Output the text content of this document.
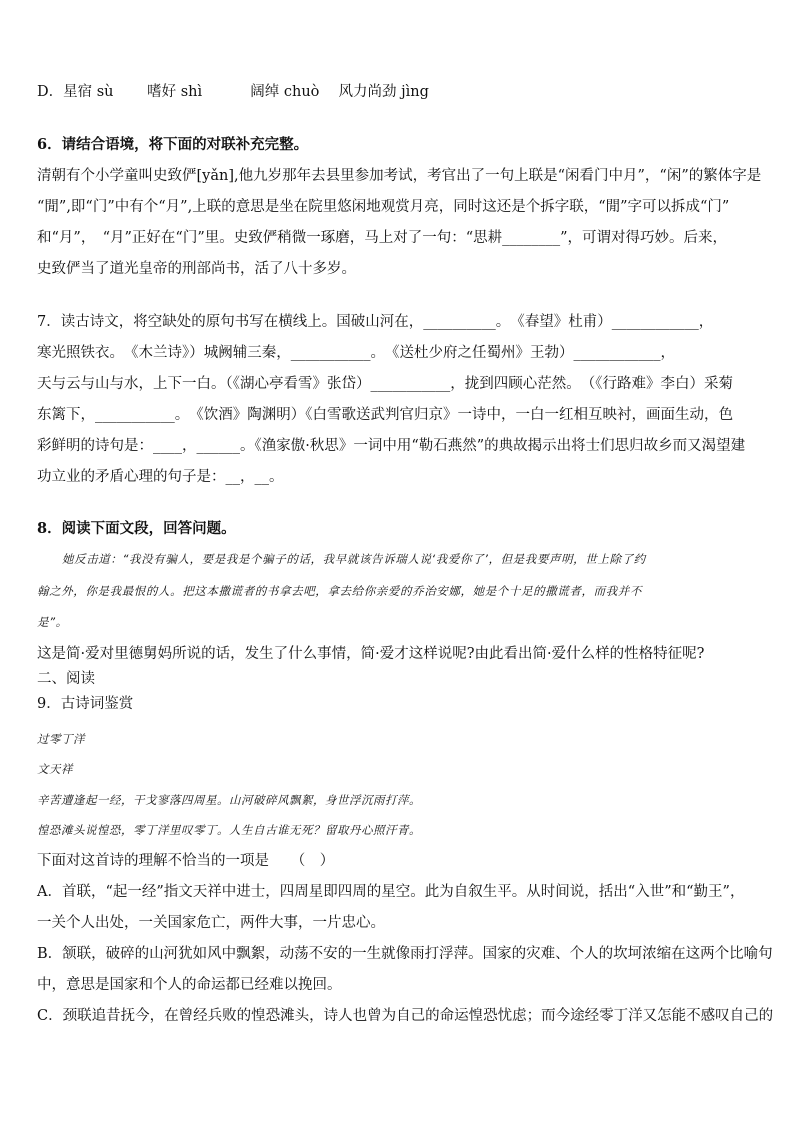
D．星宿 sù　　 嗜好 shì　　　 阔绰 chuò　 风力尚劲 jìng
6．请结合语境，将下面的对联补充完整。
清朝有个小学童叫史致俨[yǎn],他九岁那年去县里参加考试，考官出了一句上联是“闲看门中月”，“闲”的繁体字是
“閒”,即“门”中有个“月”,上联的意思是坐在院里悠闲地观赏月亮，同时这还是个拆字联，“閒”字可以拆成“门”
和“月”，　“月”正好在“门”里。史致俨稍微一琢磨，马上对了一句：“思耕________”，可谓对得巧妙。后来，
史致俨当了道光皇帝的刑部尚书，活了八十多岁。
7．读古诗文，将空缺处的原句书写在横线上。国破山河在，__________。　《春望》杜甫）____________，
寒光照铁衣。　《木兰诗》）城阙辅三秦，___________。　《送杜少府之任蜀州》王勃）____________，
天与云与山与水，上下一白。（《湖心亭看雪》张岱）___________，拢到四顾心茫然。　（《行路难》李白）采菊
东篱下，___________。　《饮酒》陶渊明）《白雪歌送武判官归京》一诗中，一白一红相互映衬，画面生动，色
彩鲜明的诗句是：____，______。《渔家傲·秋思》一词中用“勒石燕然”的典故揭示出将士们思归故乡而又渴望建
功立业的矛盾心理的句子是：__，__。
8．阅读下面文段，回答问题。
她反击道：“我没有骗人，要是我是个骗子的话，我早就该告诉瑞人说‘我爱你了’，但是我要声明，世上除了约
翰之外，你是我最恨的人。把这本撒谎者的书拿去吧，拿去给你亲爱的乔治安娜，她是个十足的撒谎者，而我并不
是”。
这是简·爱对里德舅妈所说的话，发生了什么事情，简·爱才这样说呢?由此看出简·爱什么样的性格特征呢?
二、阅读
9．古诗词鉴赏
过零丁洋
文天祥
辛苦遭逢起一经，干戈寥落四周星。山河破碎风飘絮，身世浮沉雨打萍。
惶恐滩头说惶恐，零丁洋里叹零丁。人生自古谁无死？留取丹心照汗青。
下面对这首诗的理解不恰当的一项是　　（　）
A．首联，“起一经”指文天祥中进士，四周星即四周的星空。此为自叙生平。从时间说，括出“入世”和“勤王”，
一关个人出处，一关国家危亡，两件大事，一片忠心。
B．颔联，破碎的山河犹如风中飘絮，动荡不安的一生就像雨打浮萍。国家的灾难、个人的坎坷浓缩在这两个比喻句
中，意思是国家和个人的命运都已经难以挽回。
C．颈联追昔抚今，在曾经兵败的惶恐滩头，诗人也曾为自己的命运惶恐忧虑；而今途经零丁洋又怎能不感叹自己的
